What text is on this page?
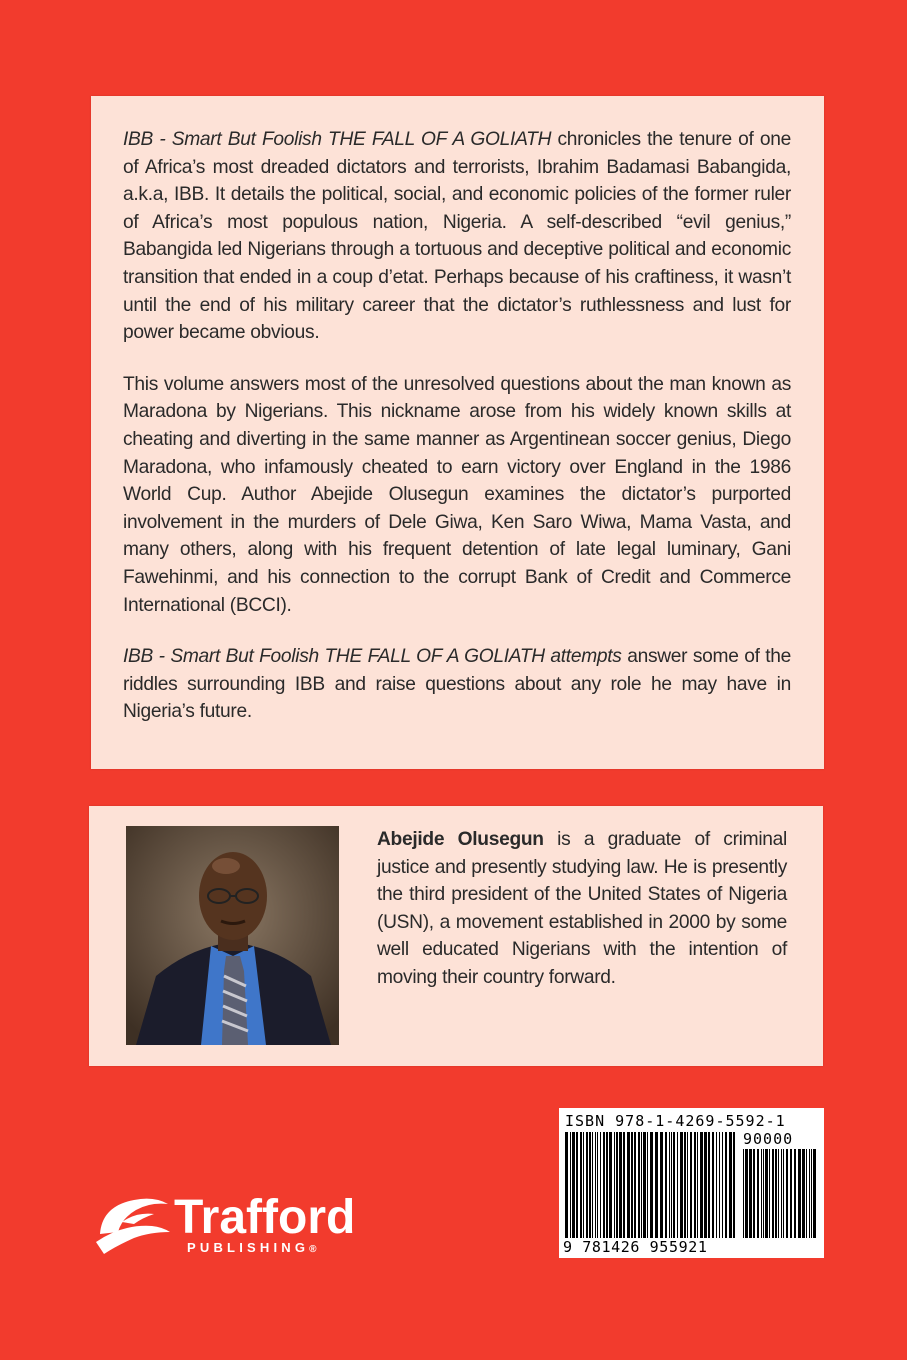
IBB - Smart But Foolish THE FALL OF A GOLIATH chronicles the tenure of one of Africa’s most dreaded dictators and terrorists, Ibrahim Badamasi Babangida, a.k.a, IBB. It details the political, social, and economic policies of the former ruler of Africa’s most populous nation, Nigeria. A self-described “evil genius,” Babangida led Nigerians through a tortuous and deceptive political and economic transition that ended in a coup d’etat. Perhaps because of his craftiness, it wasn’t until the end of his military career that the dictator’s ruthlessness and lust for power became obvious.

This volume answers most of the unresolved questions about the man known as Maradona by Nigerians. This nickname arose from his widely known skills at cheating and diverting in the same manner as Argentinean soccer genius, Diego Maradona, who infamously cheated to earn victory over England in the 1986 World Cup. Author Abejide Olusegun examines the dictator’s purported involvement in the murders of Dele Giwa, Ken Saro Wiwa, Mama Vasta, and many others, along with his frequent detention of late legal luminary, Gani Fawehinmi, and his connection to the corrupt Bank of Credit and Commerce International (BCCI).

IBB - Smart But Foolish THE FALL OF A GOLIATH attempts answer some of the riddles surrounding IBB and raise questions about any role he may have in Nigeria’s future.

Abejide Olusegun is a graduate of criminal justice and presently studying law. He is presently the third president of the United States of Nigeria (USN), a movement established in 2000 by some well educated Nigerians with the intention of moving their country forward.
ISBN 978-1-4269-5592-1
90000
9 781426 955921
Trafford
PUBLISHING®
